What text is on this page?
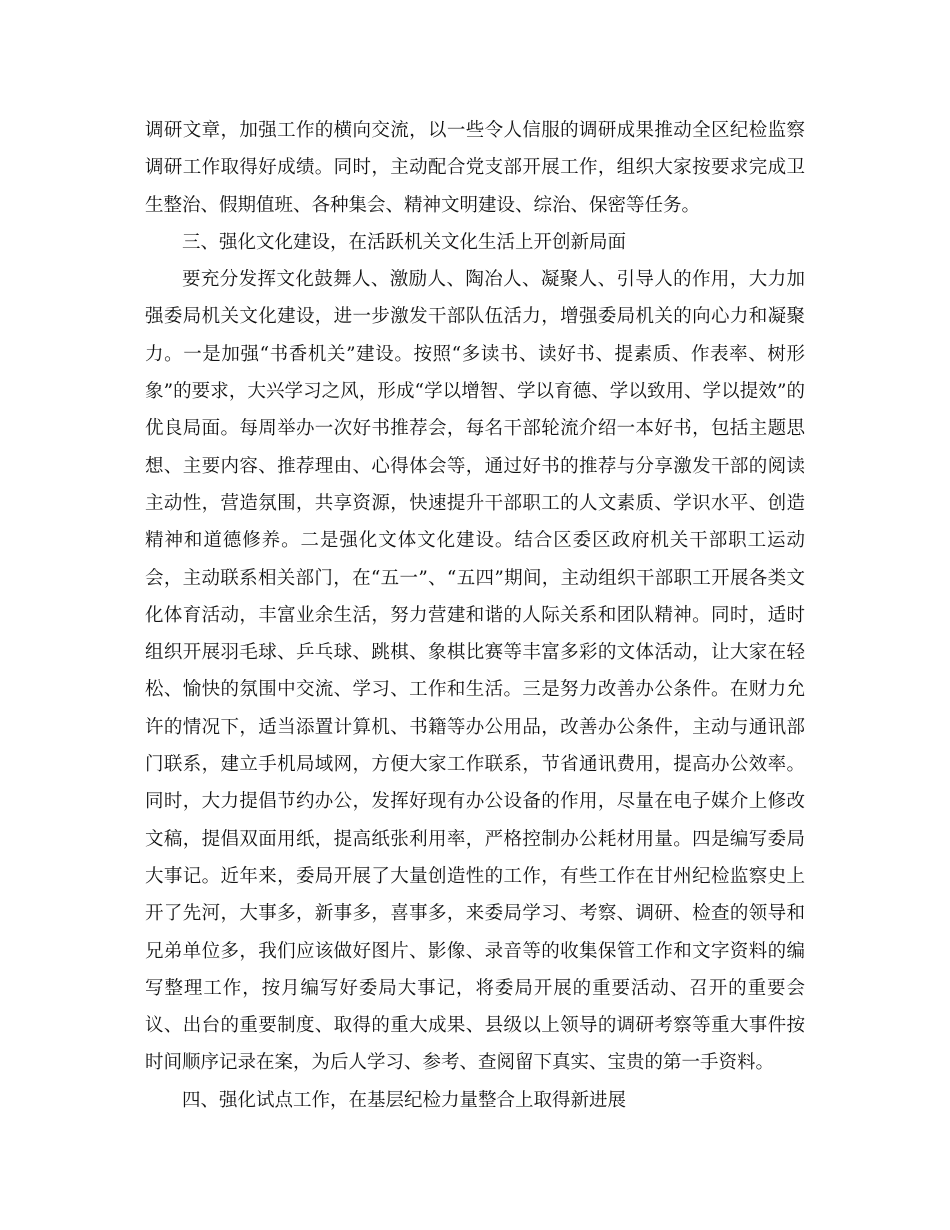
调研文章，加强工作的横向交流，以一些令人信服的调研成果推动全区纪检监察调研工作取得好成绩。同时，主动配合党支部开展工作，组织大家按要求完成卫生整治、假期值班、各种集会、精神文明建设、综治、保密等任务。

三、强化文化建设，在活跃机关文化生活上开创新局面

要充分发挥文化鼓舞人、激励人、陶冶人、凝聚人、引导人的作用，大力加强委局机关文化建设，进一步激发干部队伍活力，增强委局机关的向心力和凝聚力。一是加强“书香机关”建设。按照“多读书、读好书、提素质、作表率、树形象”的要求，大兴学习之风，形成“学以增智、学以育德、学以致用、学以提效”的优良局面。每周举办一次好书推荐会，每名干部轮流介绍一本好书，包括主题思想、主要内容、推荐理由、心得体会等，通过好书的推荐与分享激发干部的阅读主动性，营造氛围，共享资源，快速提升干部职工的人文素质、学识水平、创造精神和道德修养。二是强化文体文化建设。结合区委区政府机关干部职工运动会，主动联系相关部门，在“五一”、“五四”期间，主动组织干部职工开展各类文化体育活动，丰富业余生活，努力营建和谐的人际关系和团队精神。同时，适时组织开展羽毛球、乒乓球、跳棋、象棋比赛等丰富多彩的文体活动，让大家在轻松、愉快的氛围中交流、学习、工作和生活。三是努力改善办公条件。在财力允许的情况下，适当添置计算机、书籍等办公用品，改善办公条件，主动与通讯部门联系，建立手机局域网，方便大家工作联系，节省通讯费用，提高办公效率。同时，大力提倡节约办公，发挥好现有办公设备的作用，尽量在电子媒介上修改文稿，提倡双面用纸，提高纸张利用率，严格控制办公耗材用量。四是编写委局大事记。近年来，委局开展了大量创造性的工作，有些工作在甘州纪检监察史上开了先河，大事多，新事多，喜事多，来委局学习、考察、调研、检查的领导和兄弟单位多，我们应该做好图片、影像、录音等的收集保管工作和文字资料的编写整理工作，按月编写好委局大事记，将委局开展的重要活动、召开的重要会议、出台的重要制度、取得的重大成果、县级以上领导的调研考察等重大事件按时间顺序记录在案，为后人学习、参考、查阅留下真实、宝贵的第一手资料。

四、强化试点工作，在基层纪检力量整合上取得新进展
